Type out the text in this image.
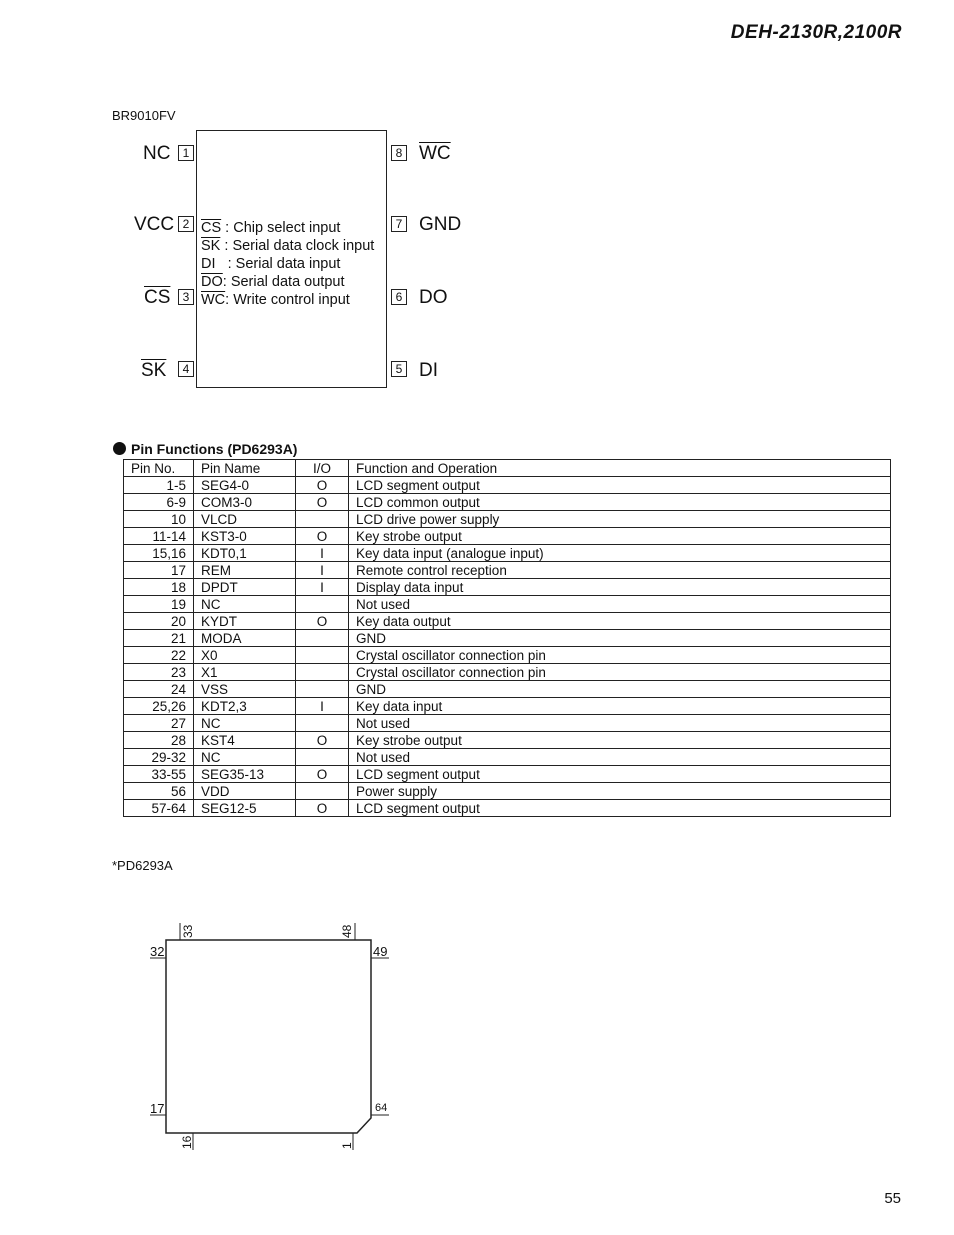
DEH-2130R,2100R
BR9010FV
NC	1
VCC 2
$\overline{CS}$	3
$\overline{SK}$	4
8 $\overline{WC}$
7 GND
6 DO
5 DI
$\overline{CS}$ : Chip select input
$\overline{SK}$ : Serial data clock input
DI   : Serial data input
$\overline{DO}$: Serial data output
$\overline{WC}$: Write control input
Pin Functions (PD6293A)
Pin No.	Pin Name	I/O	Function and Operation
1-5	SEG4-0	O	LCD segment output
6-9	COM3-0	O	LCD common output
10	VLCD		LCD drive power supply
11-14	KST3-0	O	Key strobe output
15,16	KDT0,1	I	Key data input (analogue input)
17	REM	I	Remote control reception
18	DPDT	I	Display data input
19	NC		Not used
20	KYDT	O	Key data output
21	MODA		GND
22	X0		Crystal oscillator connection pin
23	X1		Crystal oscillator connection pin
24	VSS		GND
25,26	KDT2,3	I	Key data input
27	NC		Not used
28	KST4	O	Key strobe output
29-32	NC		Not used
33-55	SEG35-13	O	LCD segment output
56	VDD		Power supply
57-64	SEG12-5	O	LCD segment output
*PD6293A
33	48
32	49
17	64
16	1
55
